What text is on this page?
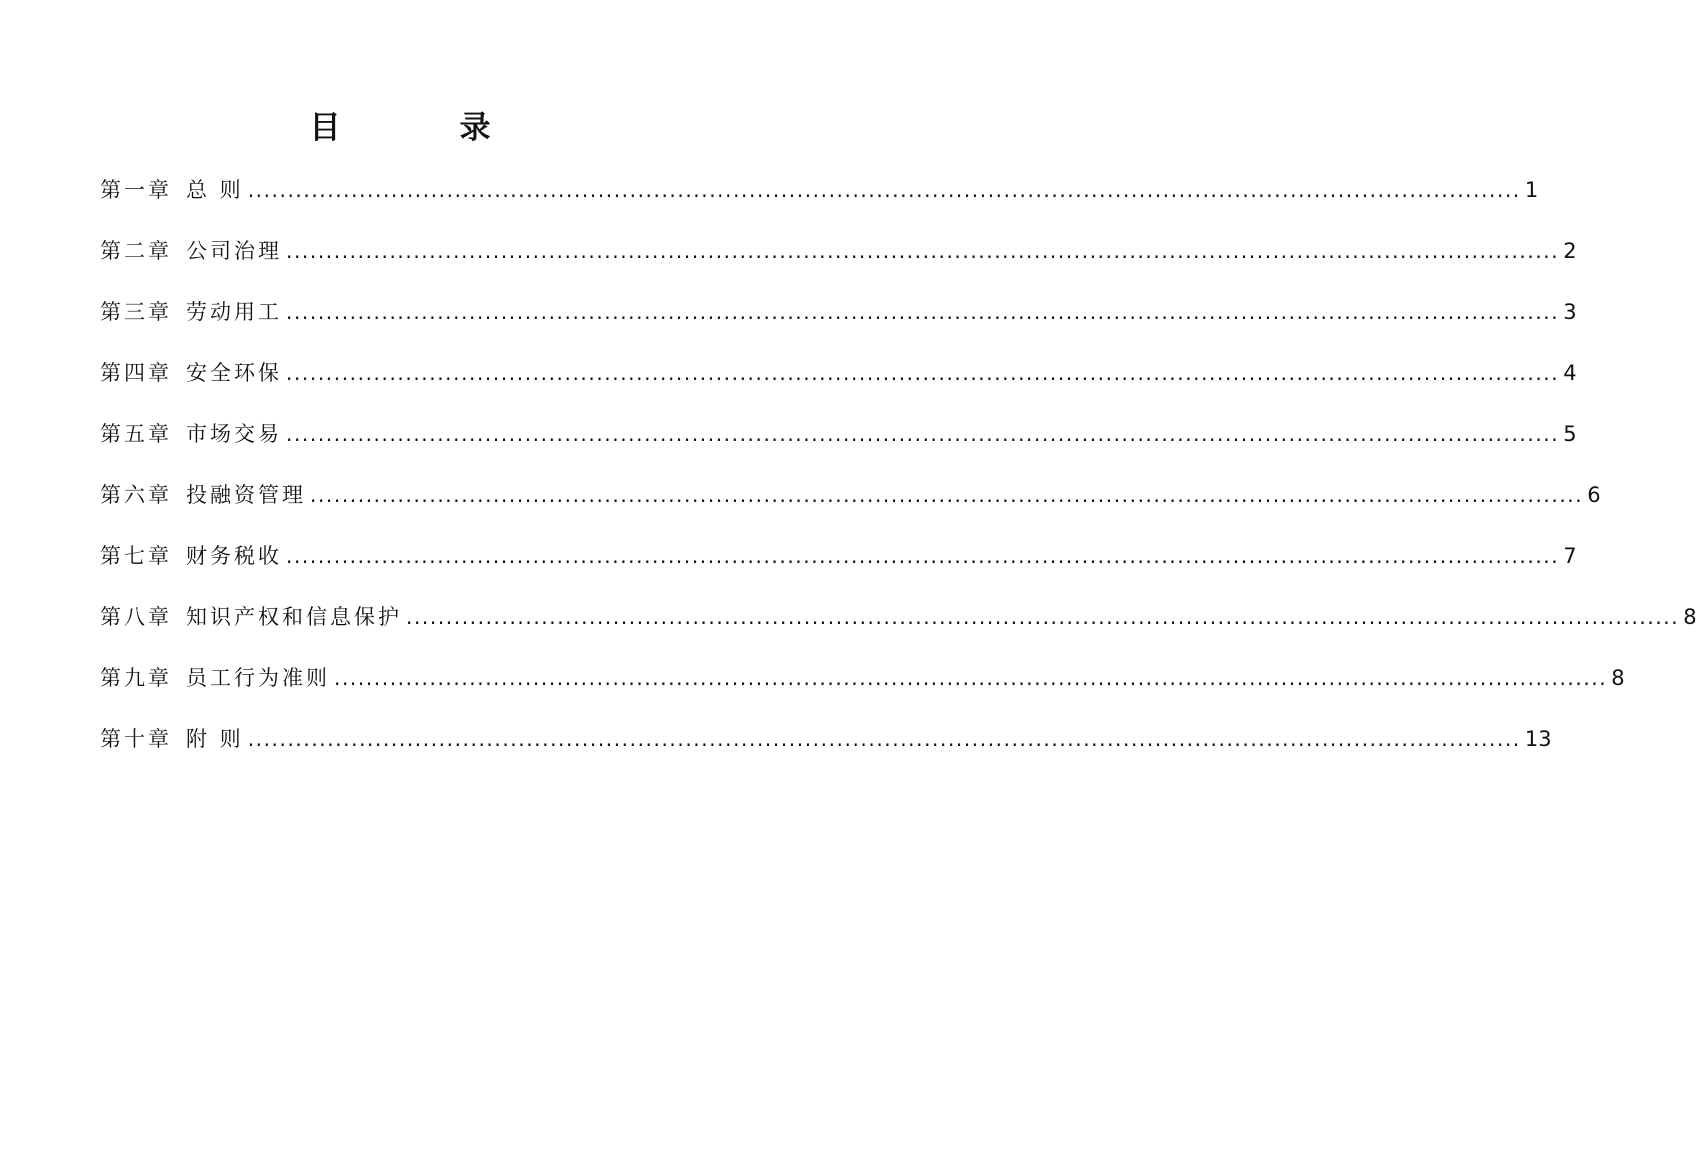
目　录
第一章 总 则 ................................................................................................................................................................ 1
第二章 公司治理 ................................................................................................................................................................ 2
第三章 劳动用工 ................................................................................................................................................................ 3
第四章 安全环保 ................................................................................................................................................................ 4
第五章 市场交易 ................................................................................................................................................................ 5
第六章 投融资管理 ................................................................................................................................................................ 6
第七章 财务税收 ................................................................................................................................................................ 7
第八章 知识产权和信息保护 ................................................................................................................................................................ 8
第九章 员工行为准则 ................................................................................................................................................................ 8
第十章 附 则 ................................................................................................................................................................ 13
